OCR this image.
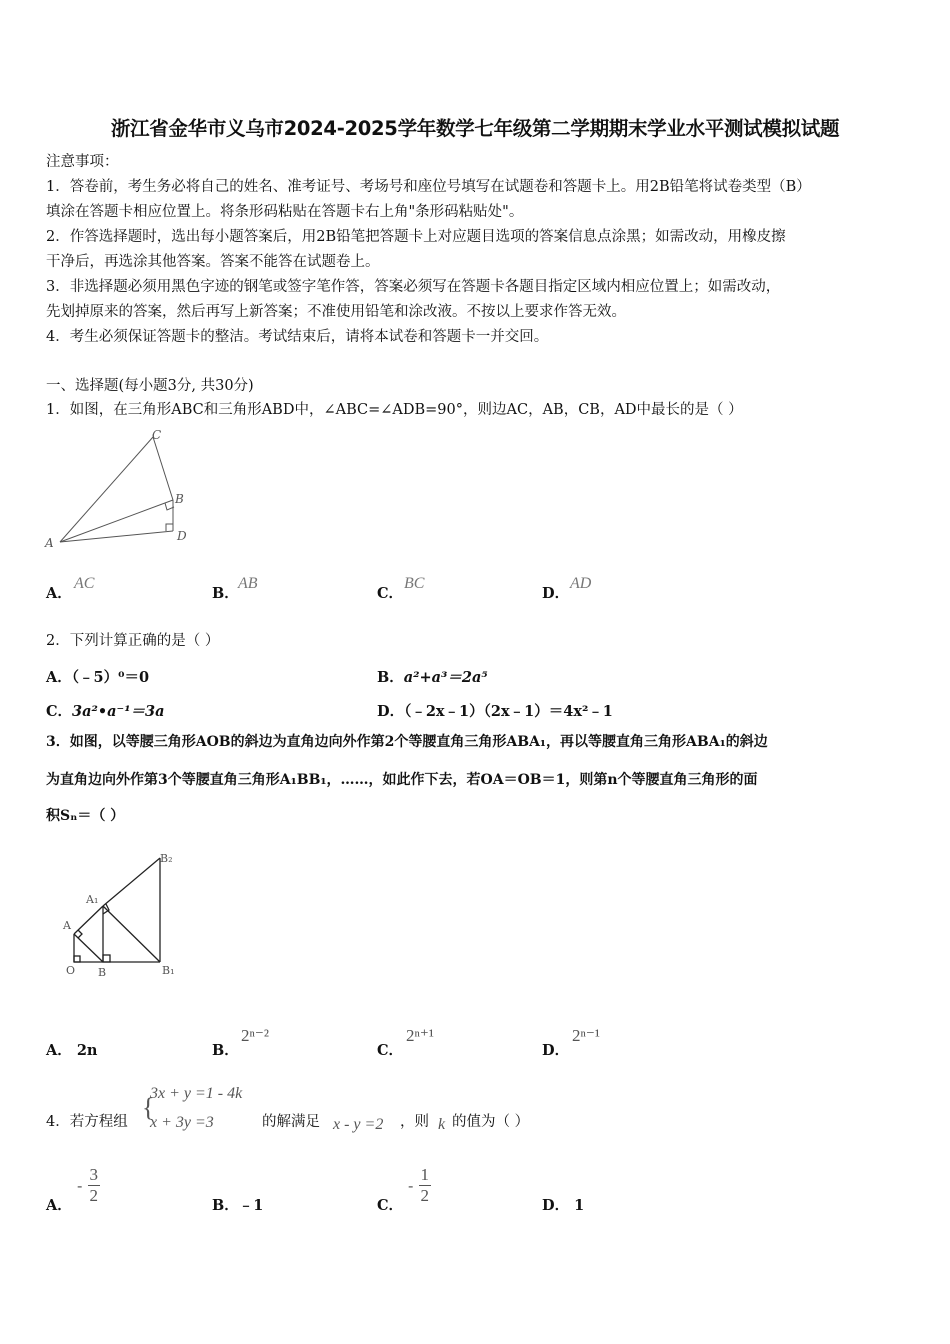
浙江省金华市义乌市2024-2025学年数学七年级第二学期期末学业水平测试模拟试题
注意事项：
1．答卷前，考生务必将自己的姓名、准考证号、考场号和座位号填写在试题卷和答题卡上。用2B铅笔将试卷类型（B）
填涂在答题卡相应位置上。将条形码粘贴在答题卡右上角"条形码粘贴处"。
2．作答选择题时，选出每小题答案后，用2B铅笔把答题卡上对应题目选项的答案信息点涂黑；如需改动，用橡皮擦
干净后，再选涂其他答案。答案不能答在试题卷上。
3．非选择题必须用黑色字迹的钢笔或签字笔作答，答案必须写在答题卡各题目指定区域内相应位置上；如需改动，
先划掉原来的答案，然后再写上新答案；不准使用铅笔和涂改液。不按以上要求作答无效。
4．考生必须保证答题卡的整洁。考试结束后，请将本试卷和答题卡一并交回。
一、选择题(每小题3分, 共30分)
1．如图，在三角形ABC和三角形ABD中，∠ABC=∠ADB=90°，则边AC，AB，CB，AD中最长的是（ ）
C
B
A	D
A．
AC
B．
AB
C．
BC
D．
AD
2．下列计算正确的是（ ）
A．（﹣5）⁰＝0	B．a²+a³＝2a⁵
C．3a²•a⁻¹＝3a	D．（﹣2x﹣1）（2x﹣1）＝4x²﹣1
3．如图，以等腰三角形AOB的斜边为直角边向外作第2个等腰直角三角形ABA₁，再以等腰直角三角形ABA₁的斜边
为直角边向外作第3个等腰直角三角形A₁BB₁，……，如此作下去，若OA＝OB＝1，则第n个等腰直角三角形的面
积Sₙ＝（ ）
B₂
A₁
A
O B	B₁
A． 2n	B．
2ⁿ⁻²
C．
2ⁿ⁺¹
D．
2ⁿ⁻¹
4．若方程组 {
3x + y =1 - 4k
x + 3y =3	的解满足 x - y =2 ，则 k 的值为（ ）
A．
- $\frac{3}{2}$	B．﹣1	C．
- $\frac{1}{2}$	D． 1
